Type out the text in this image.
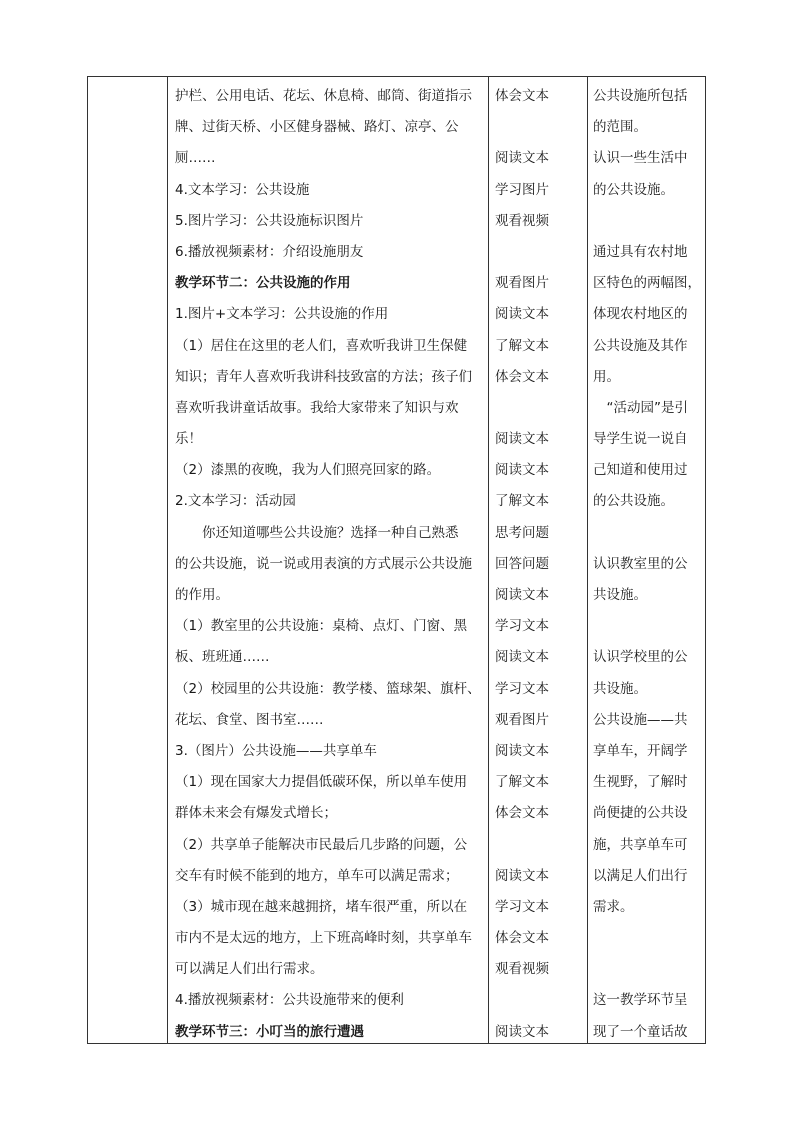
护栏、公用电话、花坛、休息椅、邮筒、街道指示
牌、过街天桥、小区健身器械、路灯、凉亭、公
厕……
4.文本学习：公共设施
5.图片学习：公共设施标识图片
6.播放视频素材：介绍设施朋友
教学环节二：公共设施的作用
1.图片+文本学习：公共设施的作用
（1）居住在这里的老人们，喜欢听我讲卫生保健
知识；青年人喜欢听我讲科技致富的方法；孩子们
喜欢听我讲童话故事。我给大家带来了知识与欢
乐！
（2）漆黑的夜晚，我为人们照亮回家的路。
2.文本学习：活动园
　　你还知道哪些公共设施？选择一种自己熟悉
的公共设施，说一说或用表演的方式展示公共设施
的作用。
（1）教室里的公共设施：桌椅、点灯、门窗、黑
板、班班通……
（2）校园里的公共设施：教学楼、篮球架、旗杆、
花坛、食堂、图书室……
3.（图片）公共设施——共享单车
（1）现在国家大力提倡低碳环保，所以单车使用
群体未来会有爆发式增长；
（2）共享单子能解决市民最后几步路的问题，公
交车有时候不能到的地方，单车可以满足需求；
（3）城市现在越来越拥挤，堵车很严重，所以在
市内不是太远的地方，上下班高峰时刻，共享单车
可以满足人们出行需求。
4.播放视频素材：公共设施带来的便利
教学环节三：小叮当的旅行遭遇
体会文本
阅读文本
学习图片
观看视频
观看图片
阅读文本
了解文本
体会文本
阅读文本
阅读文本
了解文本
思考问题
回答问题
阅读文本
学习文本
阅读文本
学习文本
观看图片
阅读文本
了解文本
体会文本
阅读文本
学习文本
体会文本
观看视频
阅读文本
公共设施所包括
的范围。
认识一些生活中
的公共设施。
通过具有农村地
区特色的两幅图，
体现农村地区的
公共设施及其作
用。
　“活动园”是引
导学生说一说自
己知道和使用过
的公共设施。
认识教室里的公
共设施。
认识学校里的公
共设施。
公共设施——共
享单车，开阔学
生视野，了解时
尚便捷的公共设
施，共享单车可
以满足人们出行
需求。
这一教学环节呈
现了一个童话故
